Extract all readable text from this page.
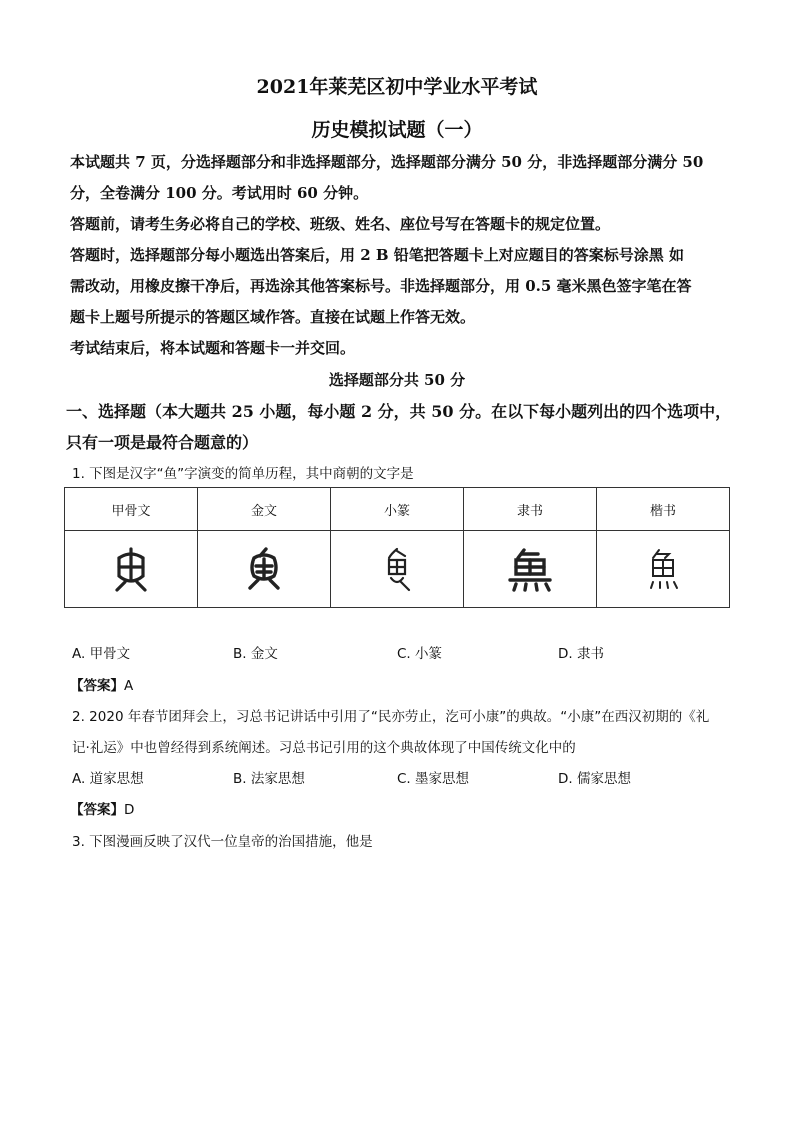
2021年莱芜区初中学业水平考试
历史模拟试题（一）
本试题共 7 页，分选择题部分和非选择题部分，选择题部分满分 50 分，非选择题部分满分 50
分，全卷满分 100 分。考试用时 60 分钟。
答题前，请考生务必将自己的学校、班级、姓名、座位号写在答题卡的规定位置。
答题时，选择题部分每小题选出答案后，用 2 B 铅笔把答题卡上对应题目的答案标号涂黑 如
需改动，用橡皮擦干净后，再选涂其他答案标号。非选择题部分，用 0.5 毫米黑色签字笔在答
题卡上题号所提示的答题区域作答。直接在试题上作答无效。
考试结束后，将本试题和答题卡一并交回。
选择题部分共 50 分
一、选择题（本大题共 25 小题，每小题 2 分，共 50 分。在以下每小题列出的四个选项中，
只有一项是最符合题意的）
1. 下图是汉字“鱼”字演变的简单历程，其中商朝的文字是
甲骨文	金文	小篆	隶书	楷书

A. 甲骨文	B. 金文	C. 小篆	D. 隶书
【答案】A
2. 2020 年春节团拜会上，习总书记讲话中引用了“民亦劳止，汔可小康”的典故。“小康”在西汉初期的《礼
记·礼运》中也曾经得到系统阐述。习总书记引用的这个典故体现了中国传统文化中的
A. 道家思想	B. 法家思想	C. 墨家思想	D. 儒家思想
【答案】D
3. 下图漫画反映了汉代一位皇帝的治国措施，他是
